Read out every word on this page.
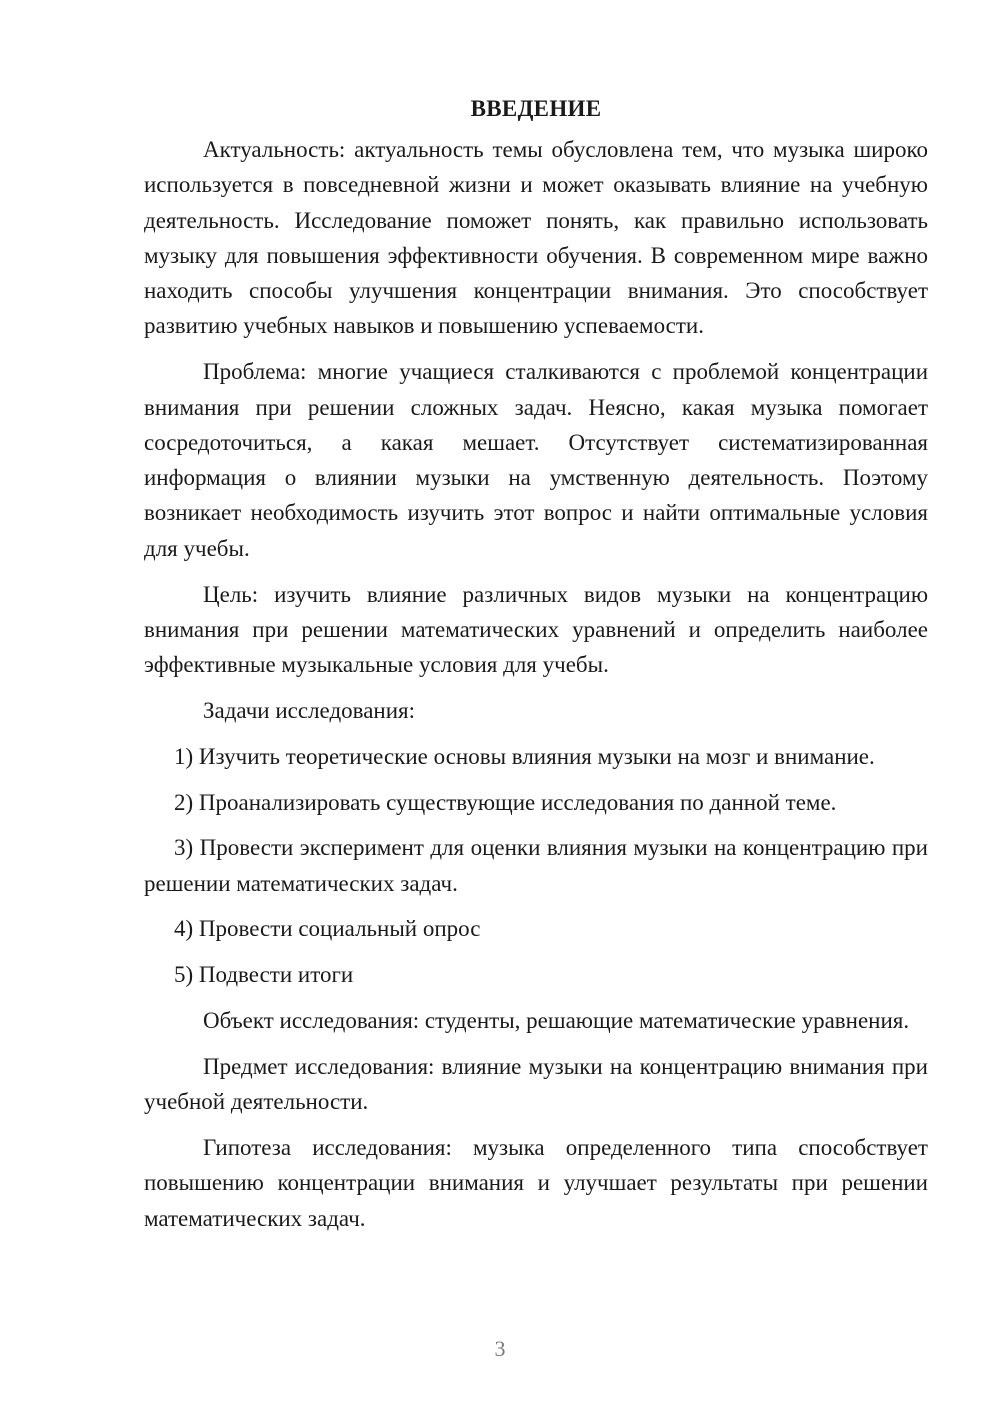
ВВЕДЕНИЕ

Актуальность: актуальность темы обусловлена тем, что музыка широко используется в повседневной жизни и может оказывать влияние на учебную деятельность. Исследование поможет понять, как правильно использовать музыку для повышения эффективности обучения. В современном мире важно находить способы улучшения концентрации внимания. Это способствует развитию учебных навыков и повышению успеваемости.

Проблема: многие учащиеся сталкиваются с проблемой концентрации внимания при решении сложных задач. Неясно, какая музыка помогает сосредоточиться, а какая мешает. Отсутствует систематизированная информация о влиянии музыки на умственную деятельность. Поэтому возникает необходимость изучить этот вопрос и найти оптимальные условия для учебы.

Цель: изучить влияние различных видов музыки на концентрацию внимания при решении математических уравнений и определить наиболее эффективные музыкальные условия для учебы.

Задачи исследования:

1) Изучить теоретические основы влияния музыки на мозг и внимание.

2) Проанализировать существующие исследования по данной теме.

3) Провести эксперимент для оценки влияния музыки на концентрацию при решении математических задач.

4) Провести социальный опрос

5) Подвести итоги

Объект исследования: студенты, решающие математические уравнения.

Предмет исследования: влияние музыки на концентрацию внимания при учебной деятельности.

Гипотеза исследования: музыка определенного типа способствует повышению концентрации внимания и улучшает результаты при решении математических задач.

3
